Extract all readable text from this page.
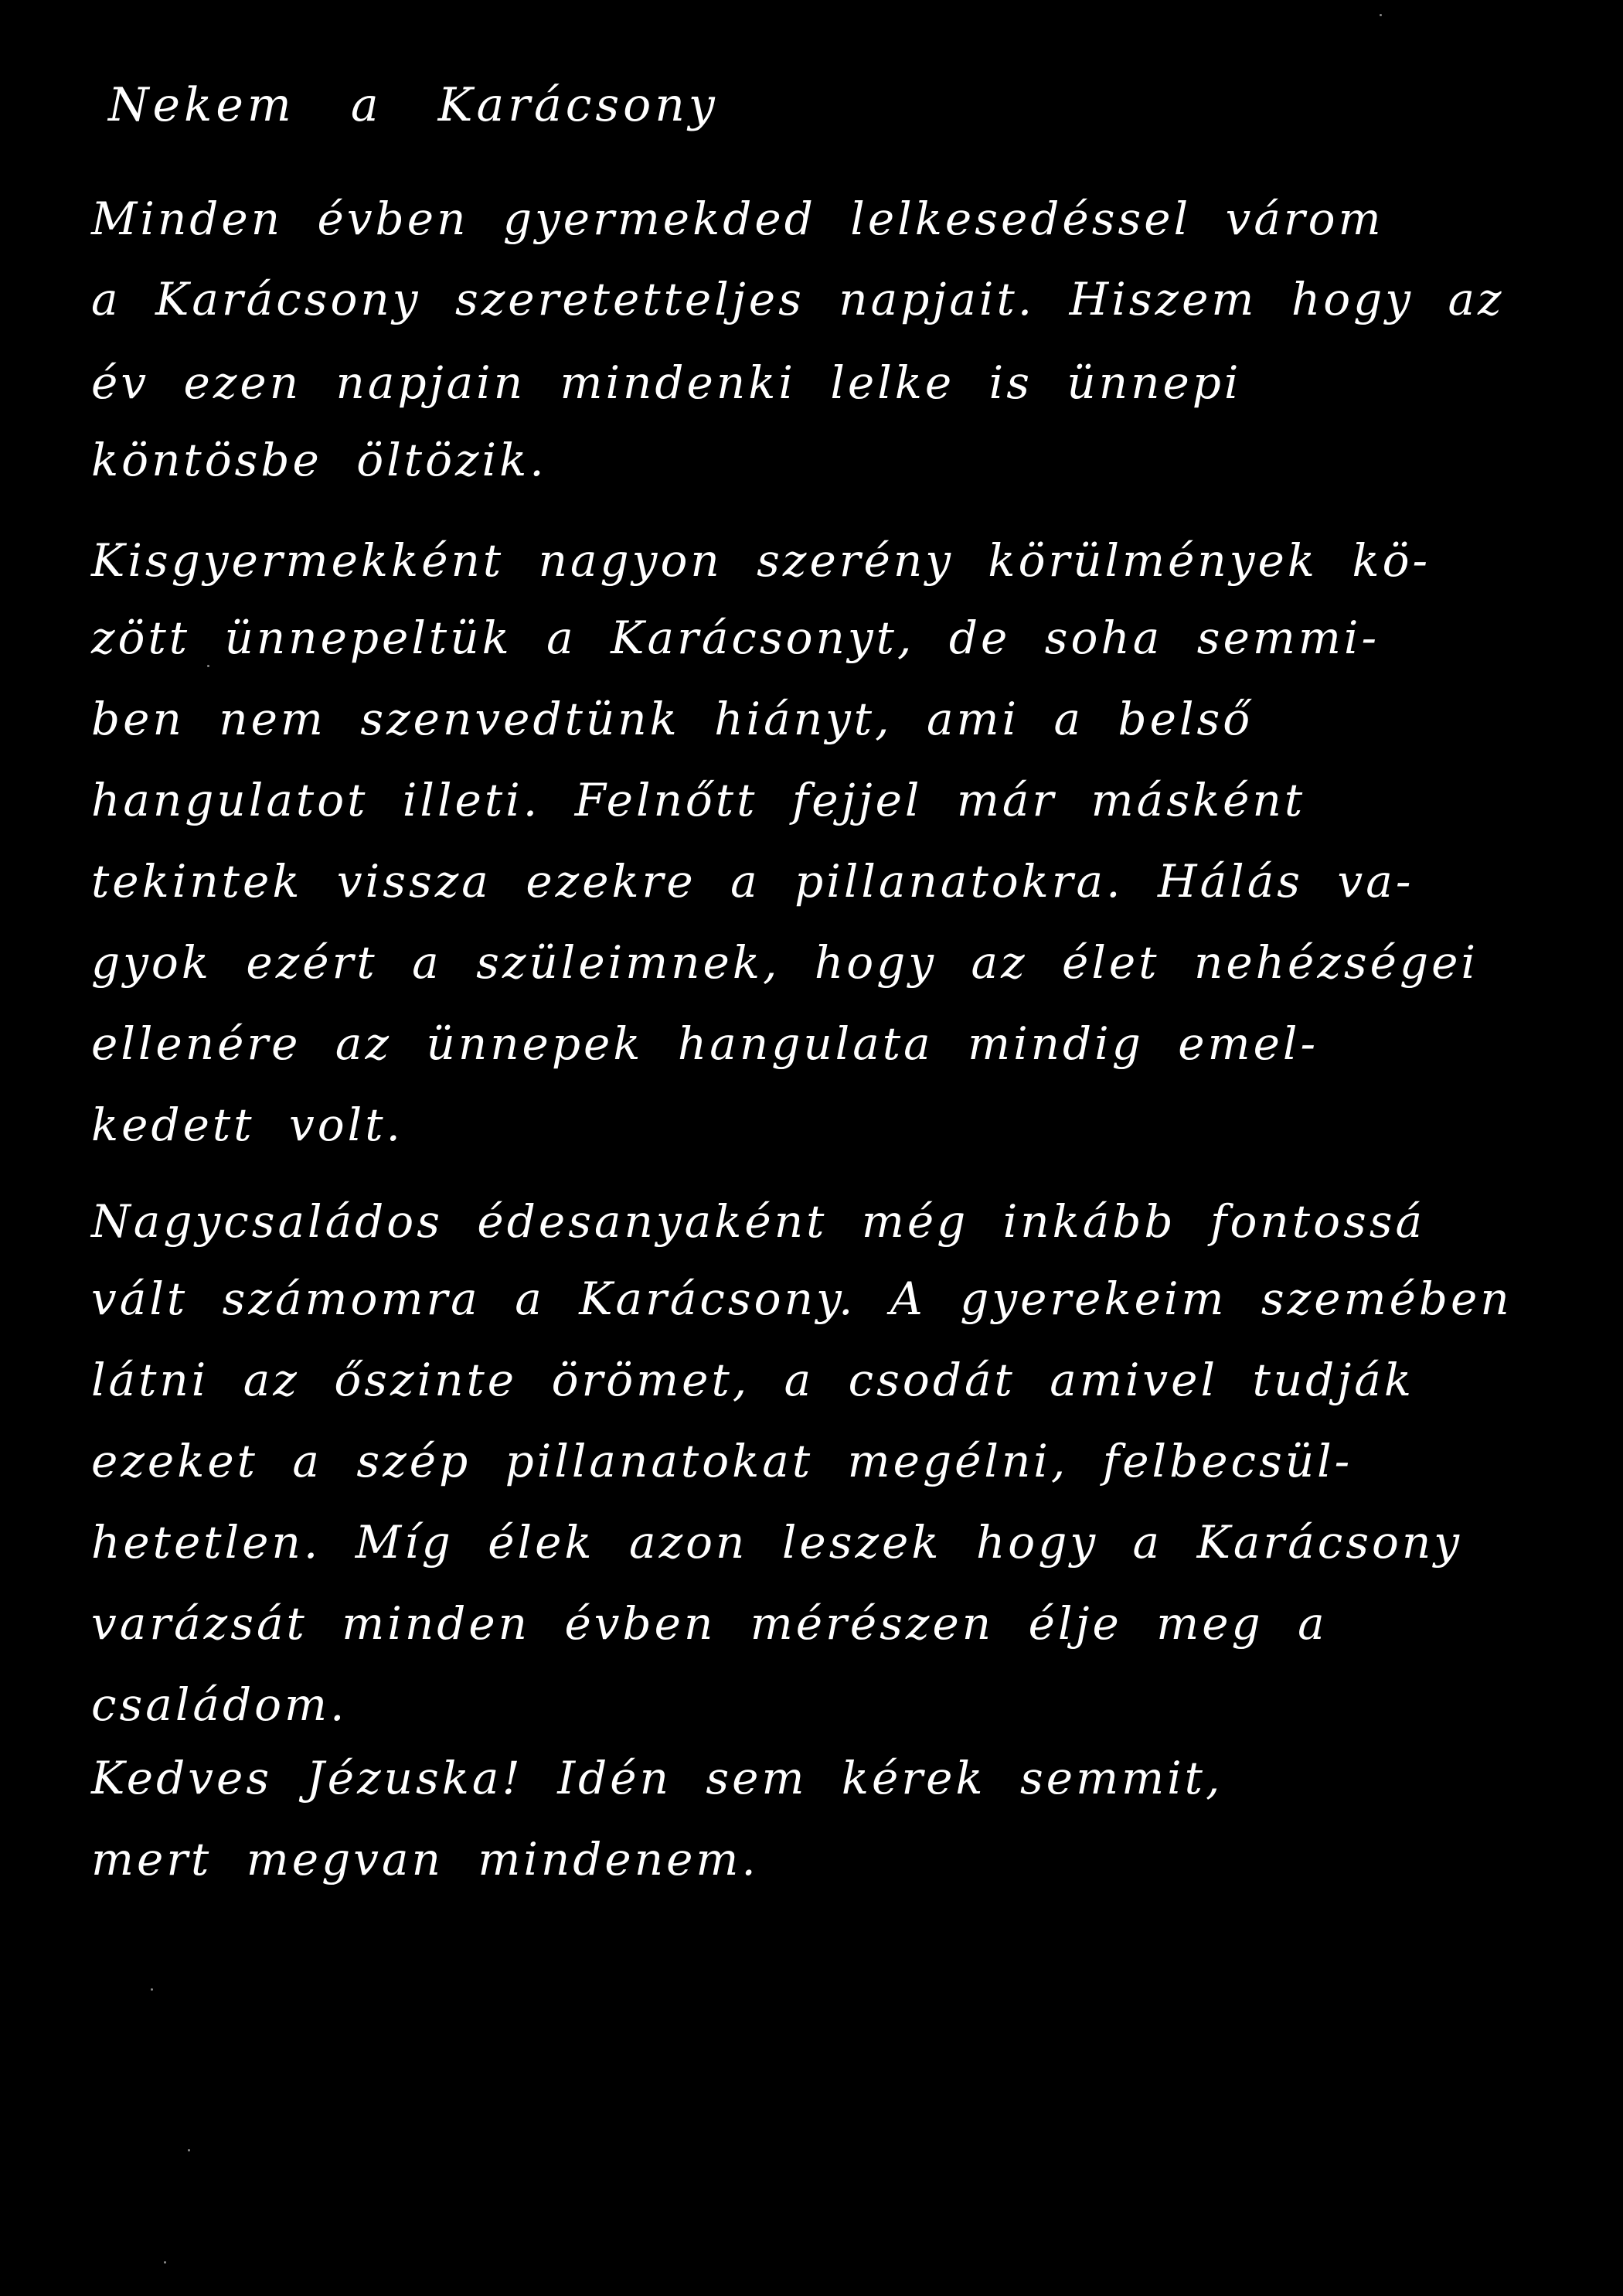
Nekem a Karácsony
Minden évben gyermekded lelkesedéssel várom
a Karácsony szeretetteljes napjait. Hiszem hogy az
év ezen napjain mindenki lelke is ünnepi
köntösbe öltözik.
Kisgyermekként nagyon szerény körülmények kö-
zött ünnepeltük a Karácsonyt, de soha semmi-
ben nem szenvedtünk hiányt, ami a belső
hangulatot illeti. Felnőtt fejjel már másként
tekintek vissza ezekre a pillanatokra. Hálás va-
gyok ezért a szüleimnek, hogy az élet nehézségei
ellenére az ünnepek hangulata mindig emel-
kedett volt.
Nagycsaládos édesanyaként még inkább fontossá
vált számomra a Karácsony. A gyerekeim szemében
látni az őszinte örömet, a csodát amivel tudják
ezeket a szép pillanatokat megélni, felbecsül-
hetetlen. Míg élek azon leszek hogy a Karácsony
varázsát minden évben mérészen élje meg a
családom.
Kedves Jézuska! Idén sem kérek semmit,
mert megvan mindenem.
